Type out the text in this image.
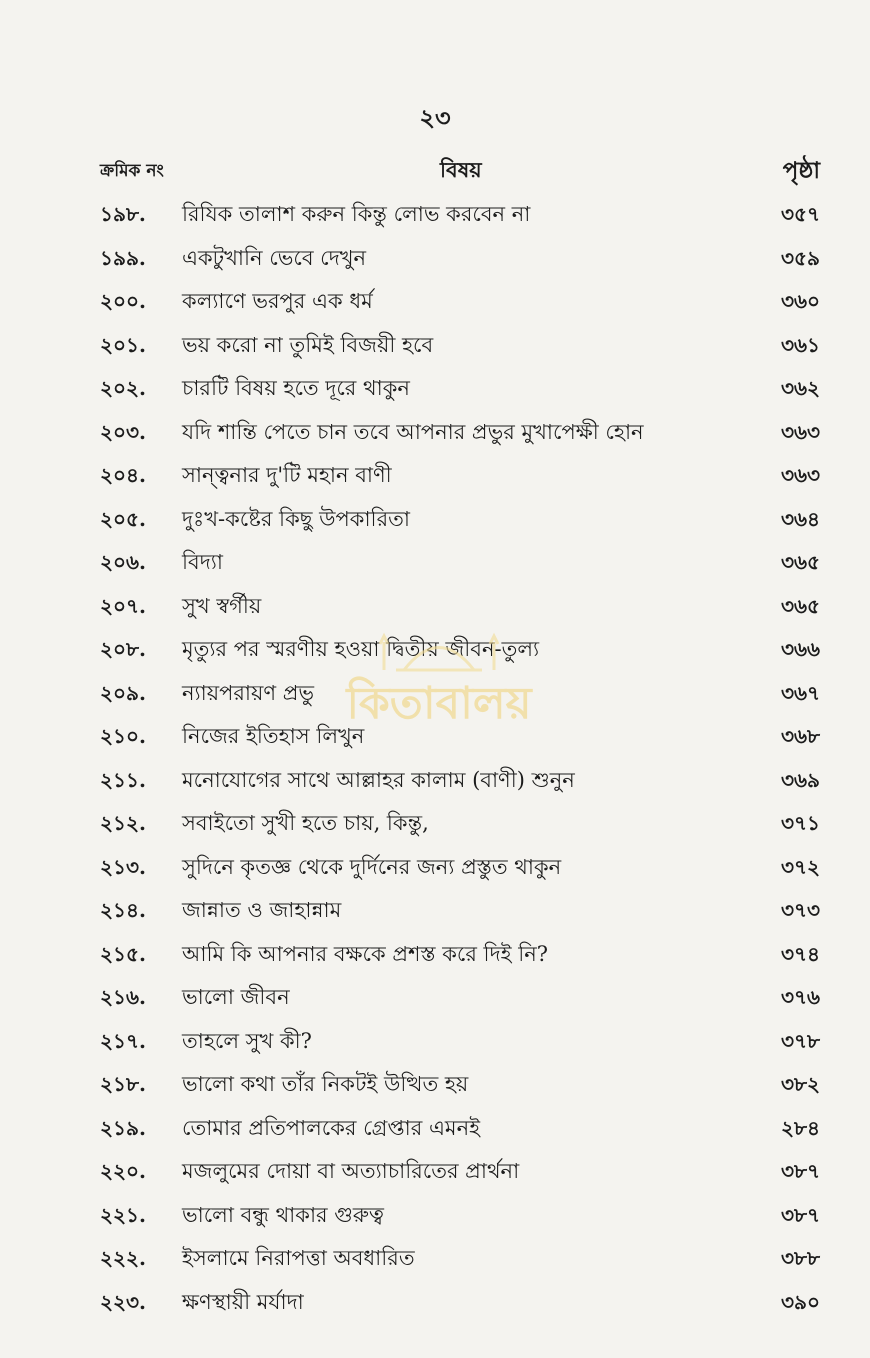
২৩
ক্রমিক নং	বিষয়	পৃষ্ঠা
১৯৮. রিযিক তালাশ করুন কিন্তু লোভ করবেন না	৩৫৭
১৯৯. একটুখানি ভেবে দেখুন	৩৫৯
২০০. কল্যাণে ভরপুর এক ধর্ম	৩৬০
২০১. ভয় করো না তুমিই বিজয়ী হবে	৩৬১
২০২. চারটি বিষয় হতে দূরে থাকুন	৩৬২
২০৩. যদি শান্তি পেতে চান তবে আপনার প্রভুর মুখাপেক্ষী হোন	৩৬৩
২০৪. সান্ত্বনার দু'টি মহান বাণী	৩৬৩
২০৫. দুঃখ-কষ্টের কিছু উপকারিতা	৩৬৪
২০৬. বিদ্যা	৩৬৫
২০৭. সুখ স্বর্গীয়	৩৬৫
২০৮. মৃত্যুর পর স্মরণীয় হওয়া দ্বিতীয় জীবন-তুল্য	৩৬৬
২০৯. ন্যায়পরায়ণ প্রভু	৩৬৭
২১০. নিজের ইতিহাস লিখুন	৩৬৮
২১১. মনোযোগের সাথে আল্লাহর কালাম (বাণী) শুনুন	৩৬৯
২১২. সবাইতো সুখী হতে চায়, কিন্তু,	৩৭১
২১৩. সুদিনে কৃতজ্ঞ থেকে দুর্দিনের জন্য প্রস্তুত থাকুন	৩৭২
২১৪. জান্নাত ও জাহান্নাম	৩৭৩
২১৫. আমি কি আপনার বক্ষকে প্রশস্ত করে দিই নি?	৩৭৪
২১৬. ভালো জীবন	৩৭৬
২১৭. তাহলে সুখ কী?	৩৭৮
২১৮. ভালো কথা তাঁর নিকটই উত্থিত হয়	৩৮২
২১৯. তোমার প্রতিপালকের গ্রেপ্তার এমনই	২৮৪
২২০. মজলুমের দোয়া বা অত্যাচারিতের প্রার্থনা	৩৮৭
২২১. ভালো বন্ধু থাকার গুরুত্ব	৩৮৭
২২২. ইসলামে নিরাপত্তা অবধারিত	৩৮৮
২২৩. ক্ষণস্থায়ী মর্যাদা	৩৯০
কিতাবালয়
